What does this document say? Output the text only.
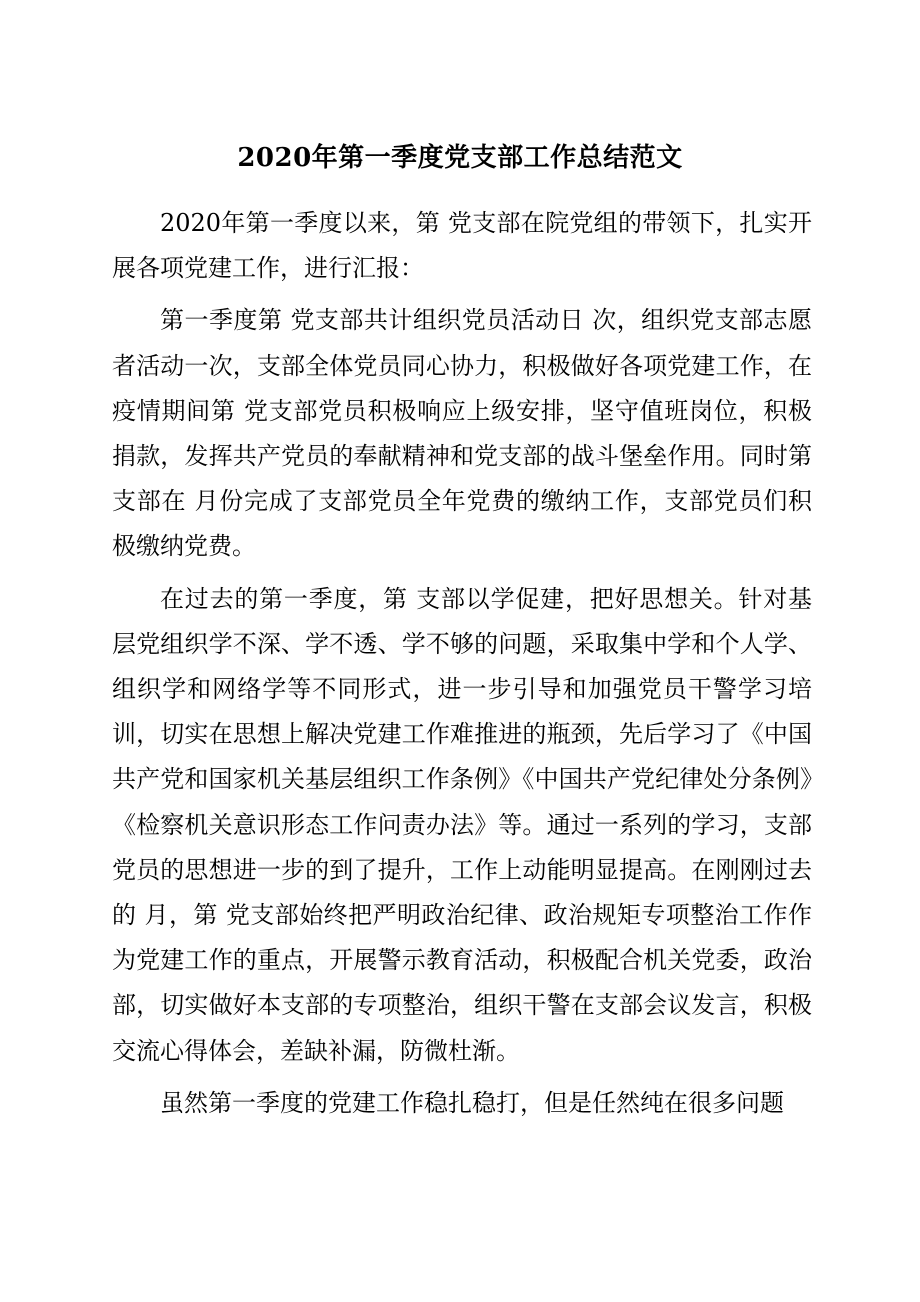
2020年第一季度党支部工作总结范文

2020年第一季度以来，第 党支部在院党组的带领下，扎实开展各项党建工作，进行汇报：

第一季度第 党支部共计组织党员活动日 次，组织党支部志愿者活动一次，支部全体党员同心协力，积极做好各项党建工作，在疫情期间第 党支部党员积极响应上级安排，坚守值班岗位，积极捐款，发挥共产党员的奉献精神和党支部的战斗堡垒作用。同时第 支部在 月份完成了支部党员全年党费的缴纳工作，支部党员们积极缴纳党费。

在过去的第一季度，第 支部以学促建，把好思想关。针对基层党组织学不深、学不透、学不够的问题，采取集中学和个人学、组织学和网络学等不同形式，进一步引导和加强党员干警学习培训，切实在思想上解决党建工作难推进的瓶颈，先后学习了《中国共产党和国家机关基层组织工作条例》《中国共产党纪律处分条例》《检察机关意识形态工作问责办法》等。通过一系列的学习，支部党员的思想进一步的到了提升，工作上动能明显提高。在刚刚过去的 月，第 党支部始终把严明政治纪律、政治规矩专项整治工作作为党建工作的重点，开展警示教育活动，积极配合机关党委，政治部，切实做好本支部的专项整治，组织干警在支部会议发言，积极交流心得体会，差缺补漏，防微杜渐。

虽然第一季度的党建工作稳扎稳打，但是任然纯在很多问题
